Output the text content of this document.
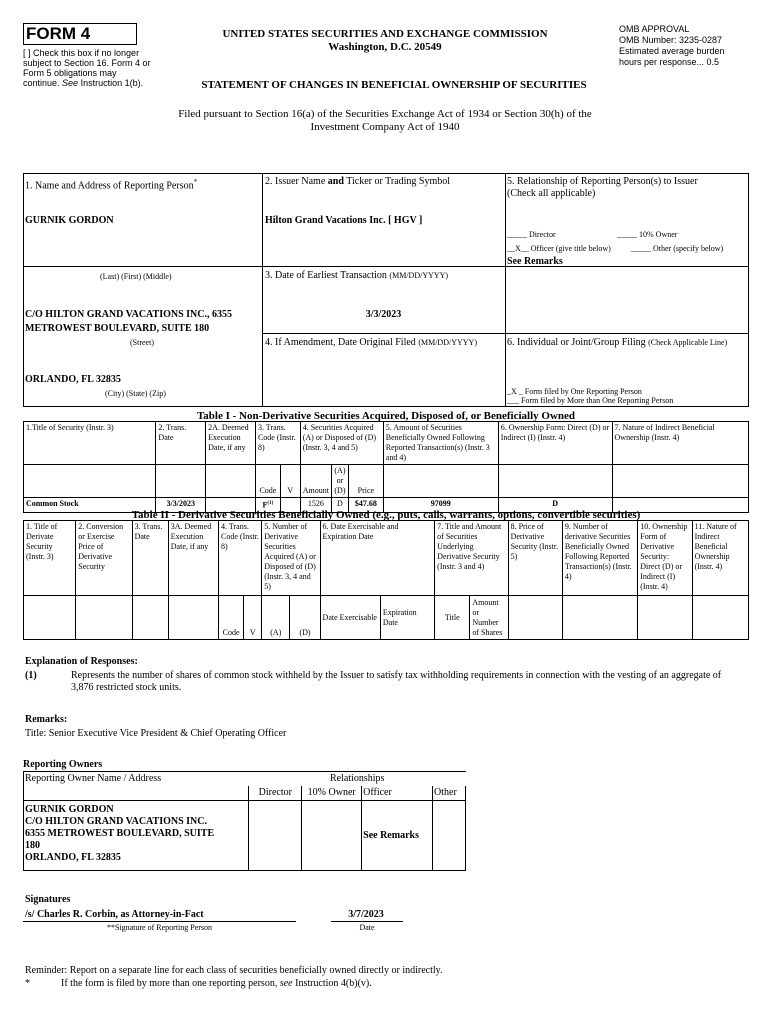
FORM 4
[ ] Check this box if no longer subject to Section 16. Form 4 or Form 5 obligations may continue. See Instruction 1(b).
UNITED STATES SECURITIES AND EXCHANGE COMMISSION
Washington, D.C. 20549
OMB APPROVAL
OMB Number: 3235-0287
Estimated average burden
hours per response... 0.5
STATEMENT OF CHANGES IN BENEFICIAL OWNERSHIP OF SECURITIES
Filed pursuant to Section 16(a) of the Securities Exchange Act of 1934 or Section 30(h) of the
Investment Company Act of 1940
1. Name and Address of Reporting Person*
GURNIK GORDON
(Last) (First) (Middle)
C/O HILTON GRAND VACATIONS INC., 6355
METROWEST BOULEVARD, SUITE 180
(Street)
ORLANDO, FL 32835
(City) (State) (Zip)
2. Issuer Name and Ticker or Trading Symbol
Hilton Grand Vacations Inc. [ HGV ]
3. Date of Earliest Transaction (MM/DD/YYYY)
3/3/2023
4. If Amendment, Date Original Filed (MM/DD/YYYY)
5. Relationship of Reporting Person(s) to Issuer
(Check all applicable)
_____ Director	_____ 10% Owner
__X__ Officer (give title below)	_____ Other (specify below)
See Remarks
6. Individual or Joint/Group Filing (Check Applicable Line)
_X _ Form filed by One Reporting Person
___ Form filed by More than One Reporting Person
Table I - Non-Derivative Securities Acquired, Disposed of, or Beneficially Owned
1.Title of Security (Instr. 3)	2. Trans. Date	2A. Deemed Execution Date, if any	3. Trans. Code (Instr. 8)		4. Securities Acquired (A) or Disposed of (D) (Instr. 3, 4 and 5)			5. Amount of Securities Beneficially Owned Following Reported Transaction(s) (Instr. 3 and 4)	6. Ownership Form: Direct (D) or Indirect (I) (Instr. 4)	7. Nature of Indirect Beneficial Ownership (Instr. 4)
			Code	V	Amount	(A) or (D)	Price			
Common Stock	3/3/2023		$F^{(1)}$		1526	D	$47.68	97099	D	
Table II - Derivative Securities Beneficially Owned (e.g., puts, calls, warrants, options, convertible securities)
1. Title of Derivate Security (Instr. 3)	2. Conversion or Exercise Price of Derivative Security	3. Trans. Date	3A. Deemed Execution Date, if any	4. Trans. Code (Instr. 8)		5. Number of Derivative Securities Acquired (A) or Disposed of (D) (Instr. 3, 4 and 5)		6. Date Exercisable and Expiration Date		7. Title and Amount of Securities Underlying Derivative Security (Instr. 3 and 4)		8. Price of Derivative Security (Instr. 5)	9. Number of derivative Securities Beneficially Owned Following Reported Transaction(s) (Instr. 4)	10. Ownership Form of Derivative Security: Direct (D) or Indirect (I) (Instr. 4)	11. Nature of Indirect Beneficial Ownership (Instr. 4)
				Code	V	(A)	(D)	Date Exercisable	Expiration Date	Title	Amount or Number of Shares				
Explanation of Responses:
(1)	Represents the number of shares of common stock withheld by the Issuer to satisfy tax withholding requirements in connection with the vesting of an aggregate of 3,876 restricted stock units.
Remarks:
Title: Senior Executive Vice President & Chief Operating Officer
Reporting Owners
Reporting Owner Name / Address	Relationships			
	Director	10% Owner	Officer	Other

GURNIK GORDON
C/O HILTON GRAND VACATIONS INC.
6355 METROWEST BOULEVARD, SUITE
180
ORLANDO, FL 32835			See Remarks	
Signatures
/s/ Charles R. Corbin, as Attorney-in-Fact	3/7/2023
**Signature of Reporting Person	Date
Reminder: Report on a separate line for each class of securities beneficially owned directly or indirectly.
*	If the form is filed by more than one reporting person, see Instruction 4(b)(v).
